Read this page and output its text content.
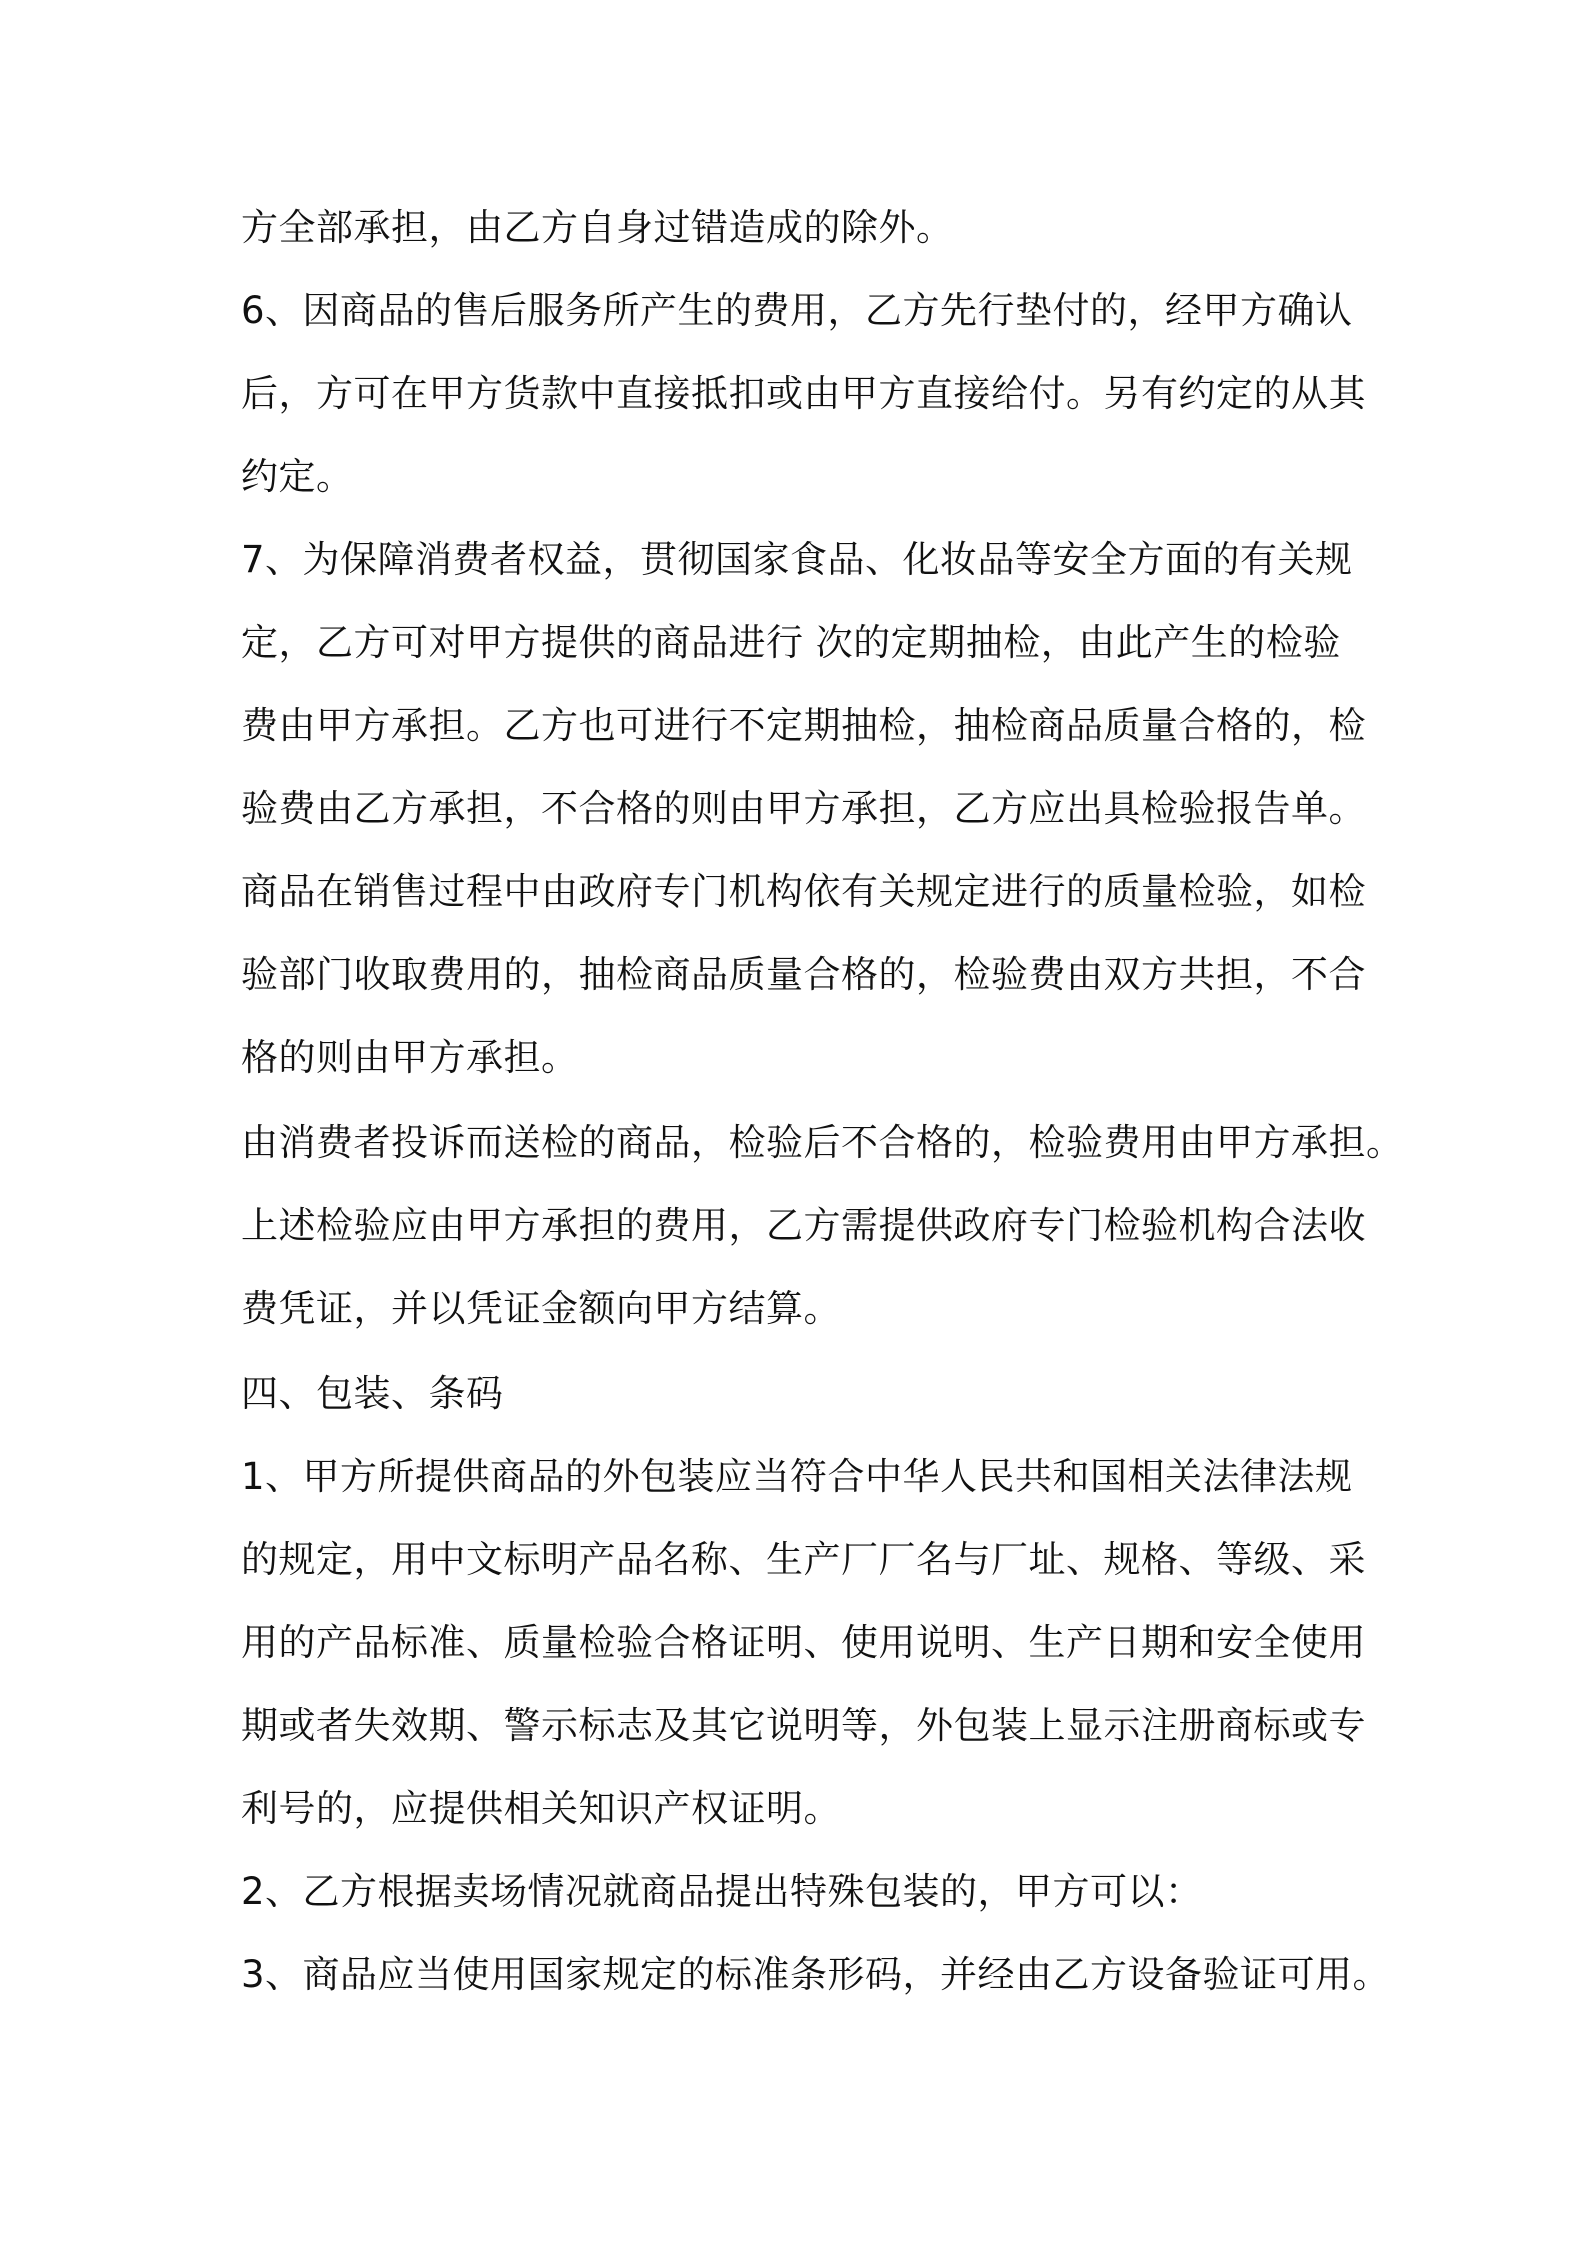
方全部承担，由乙方自身过错造成的除外。

6、因商品的售后服务所产生的费用，乙方先行垫付的，经甲方确认

后，方可在甲方货款中直接抵扣或由甲方直接给付。另有约定的从其

约定。

7、为保障消费者权益，贯彻国家食品、化妆品等安全方面的有关规

定，乙方可对甲方提供的商品进行 次的定期抽检，由此产生的检验

费由甲方承担。乙方也可进行不定期抽检，抽检商品质量合格的，检

验费由乙方承担，不合格的则由甲方承担，乙方应出具检验报告单。

商品在销售过程中由政府专门机构依有关规定进行的质量检验，如检

验部门收取费用的，抽检商品质量合格的，检验费由双方共担，不合

格的则由甲方承担。

由消费者投诉而送检的商品，检验后不合格的，检验费用由甲方承担。

上述检验应由甲方承担的费用，乙方需提供政府专门检验机构合法收

费凭证，并以凭证金额向甲方结算。

四、包装、条码

1、甲方所提供商品的外包装应当符合中华人民共和国相关法律法规

的规定，用中文标明产品名称、生产厂厂名与厂址、规格、等级、采

用的产品标准、质量检验合格证明、使用说明、生产日期和安全使用

期或者失效期、警示标志及其它说明等，外包装上显示注册商标或专

利号的，应提供相关知识产权证明。

2、乙方根据卖场情况就商品提出特殊包装的，甲方可以：

3、商品应当使用国家规定的标准条形码，并经由乙方设备验证可用。
